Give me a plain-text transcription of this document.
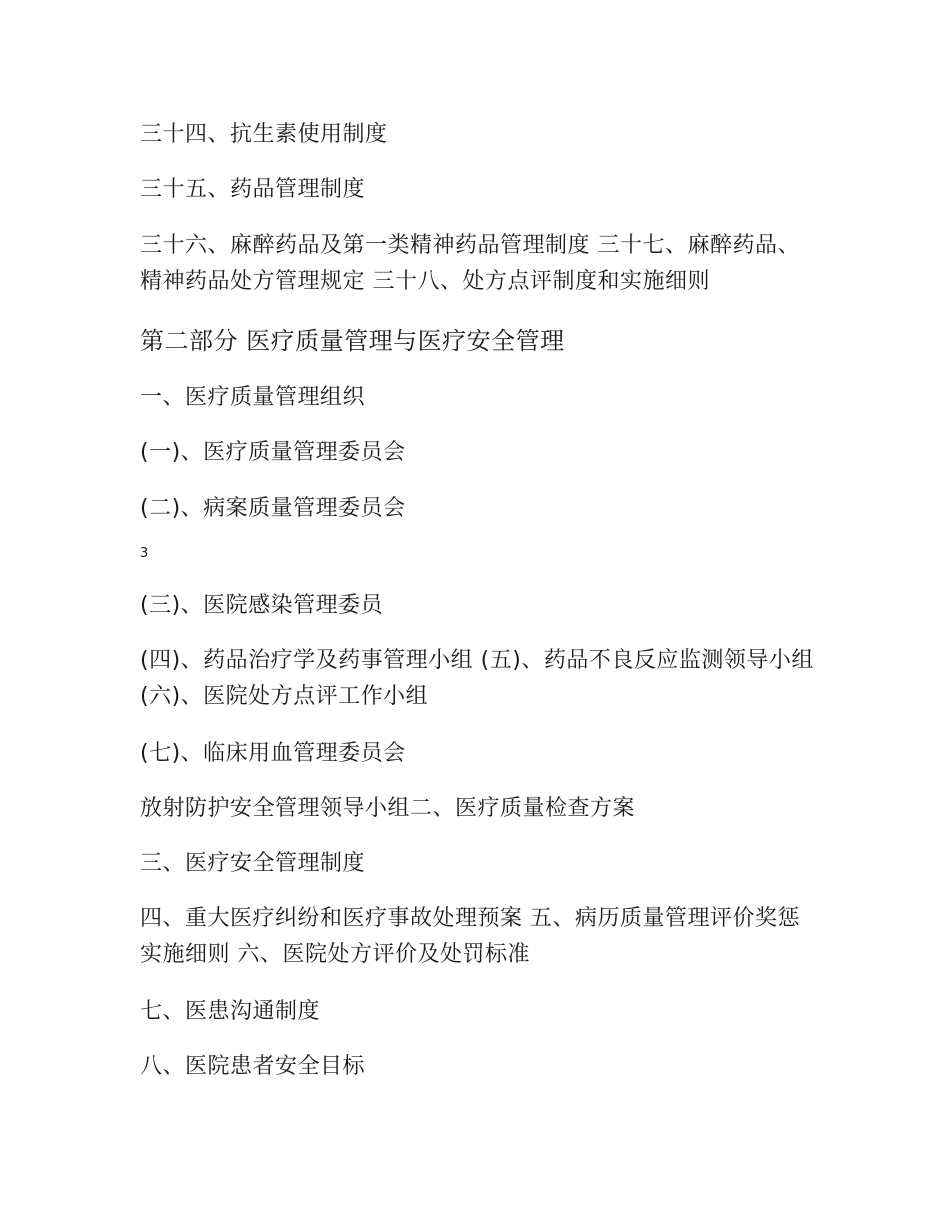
三十四、抗生素使用制度

三十五、药品管理制度

三十六、麻醉药品及第一类精神药品管理制度 三十七、麻醉药品、精神药品处方管理规定 三十八、处方点评制度和实施细则

第二部分 医疗质量管理与医疗安全管理

一、医疗质量管理组织

(一)、医疗质量管理委员会

(二)、病案质量管理委员会

3

(三)、医院感染管理委员

(四)、药品治疗学及药事管理小组 (五)、药品不良反应监测领导小组 (六)、医院处方点评工作小组

(七)、临床用血管理委员会

放射防护安全管理领导小组二、医疗质量检查方案

三、医疗安全管理制度

四、重大医疗纠纷和医疗事故处理预案 五、病历质量管理评价奖惩实施细则 六、医院处方评价及处罚标准

七、医患沟通制度

八、医院患者安全目标
